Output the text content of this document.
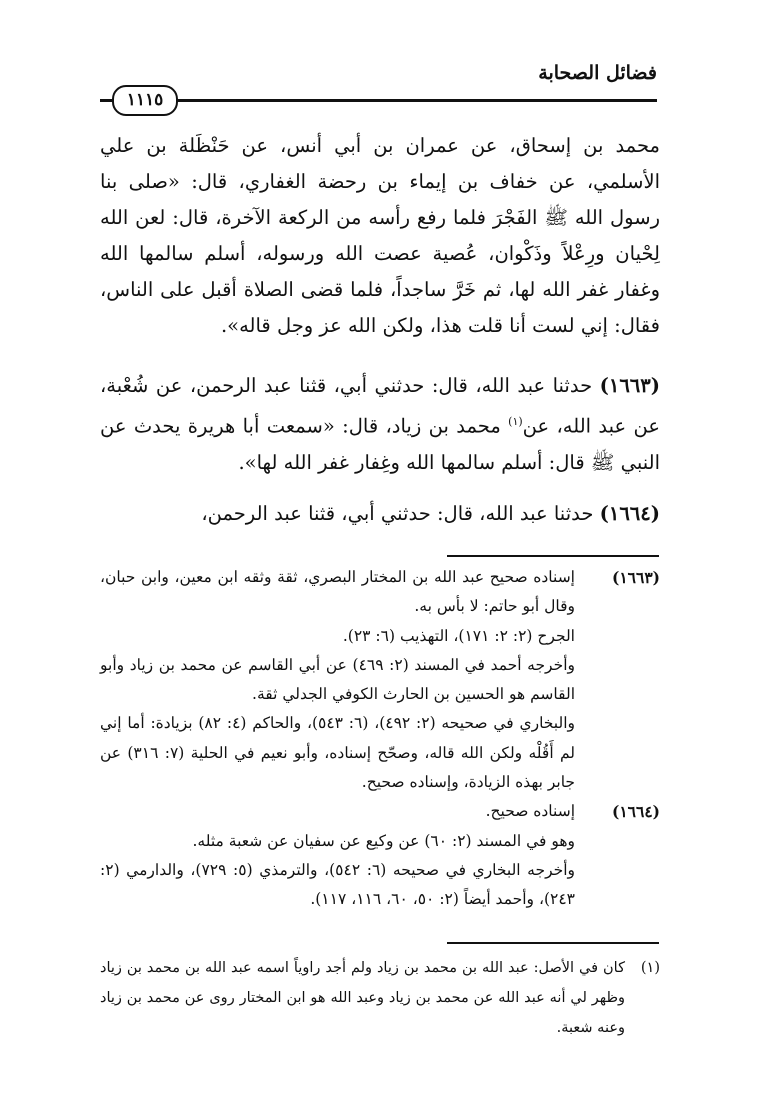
فضائل الصحابة
١١١٥
محمد بن إسحاق، عن عمران بن أبي أنس، عن حَنْظَلة بن علي الأسلمي، عن خفاف بن إيماء بن رحضة الغفاري، قال: «صلى بنا رسول الله ﷺ الفَجْرَ فلما رفع رأسه من الركعة الآخرة، قال: لعن الله لِحْيان ورِعْلاً وذَكْوان، عُصية عصت الله ورسوله، أسلم سالمها الله وغفار غفر الله لها، ثم خَرَّ ساجداً، فلما قضى الصلاة أقبل على الناس، فقال: إني لست أنا قلت هذا، ولكن الله عز وجل قاله».
(١٦٦٣) حدثنا عبد الله، قال: حدثني أبي، قثنا عبد الرحمن، عن شُعْبة، عن عبد الله، عن$^{(١)}$ محمد بن زياد، قال: «سمعت أبا هريرة يحدث عن النبي ﷺ قال: أسلم سالمها الله وغِفار غفر الله لها».
(١٦٦٤) حدثنا عبد الله، قال: حدثني أبي، قثنا عبد الرحمن،
(١٦٦٣)
إسناده صحيح عبد الله بن المختار البصري، ثقة وثقه ابن معين، وابن حبان، وقال أبو حاتم: لا بأس به.
الجرح (٢: ٢: ١٧١)، التهذيب (٦: ٢٣).
وأخرجه أحمد في المسند (٢: ٤٦٩) عن أبي القاسم عن محمد بن زياد وأبو القاسم هو الحسين بن الحارث الكوفي الجدلي ثقة.
والبخاري في صحيحه (٢: ٤٩٢)، (٦: ٥٤٣)، والحاكم (٤: ٨٢) بزيادة: أما إني لم أَقُلْه ولكن الله قاله، وصحّح إسناده، وأبو نعيم في الحلية (٧: ٣١٦) عن جابر بهذه الزيادة، وإسناده صحيح.
(١٦٦٤)
إسناده صحيح.
وهو في المسند (٢: ٦٠) عن وكيع عن سفيان عن شعبة مثله.
وأخرجه البخاري في صحيحه (٦: ٥٤٢)، والترمذي (٥: ٧٢٩)، والدارمي (٢: ٢٤٣)، وأحمد أيضاً (٢: ٥٠، ٦٠، ١١٦، ١١٧).
(١)
كان في الأصل: عبد الله بن محمد بن زياد ولم أجد راوياً اسمه عبد الله بن محمد بن زياد وظهر لي أنه عبد الله عن محمد بن زياد وعبد الله هو ابن المختار روى عن محمد بن زياد وعنه شعبة.
